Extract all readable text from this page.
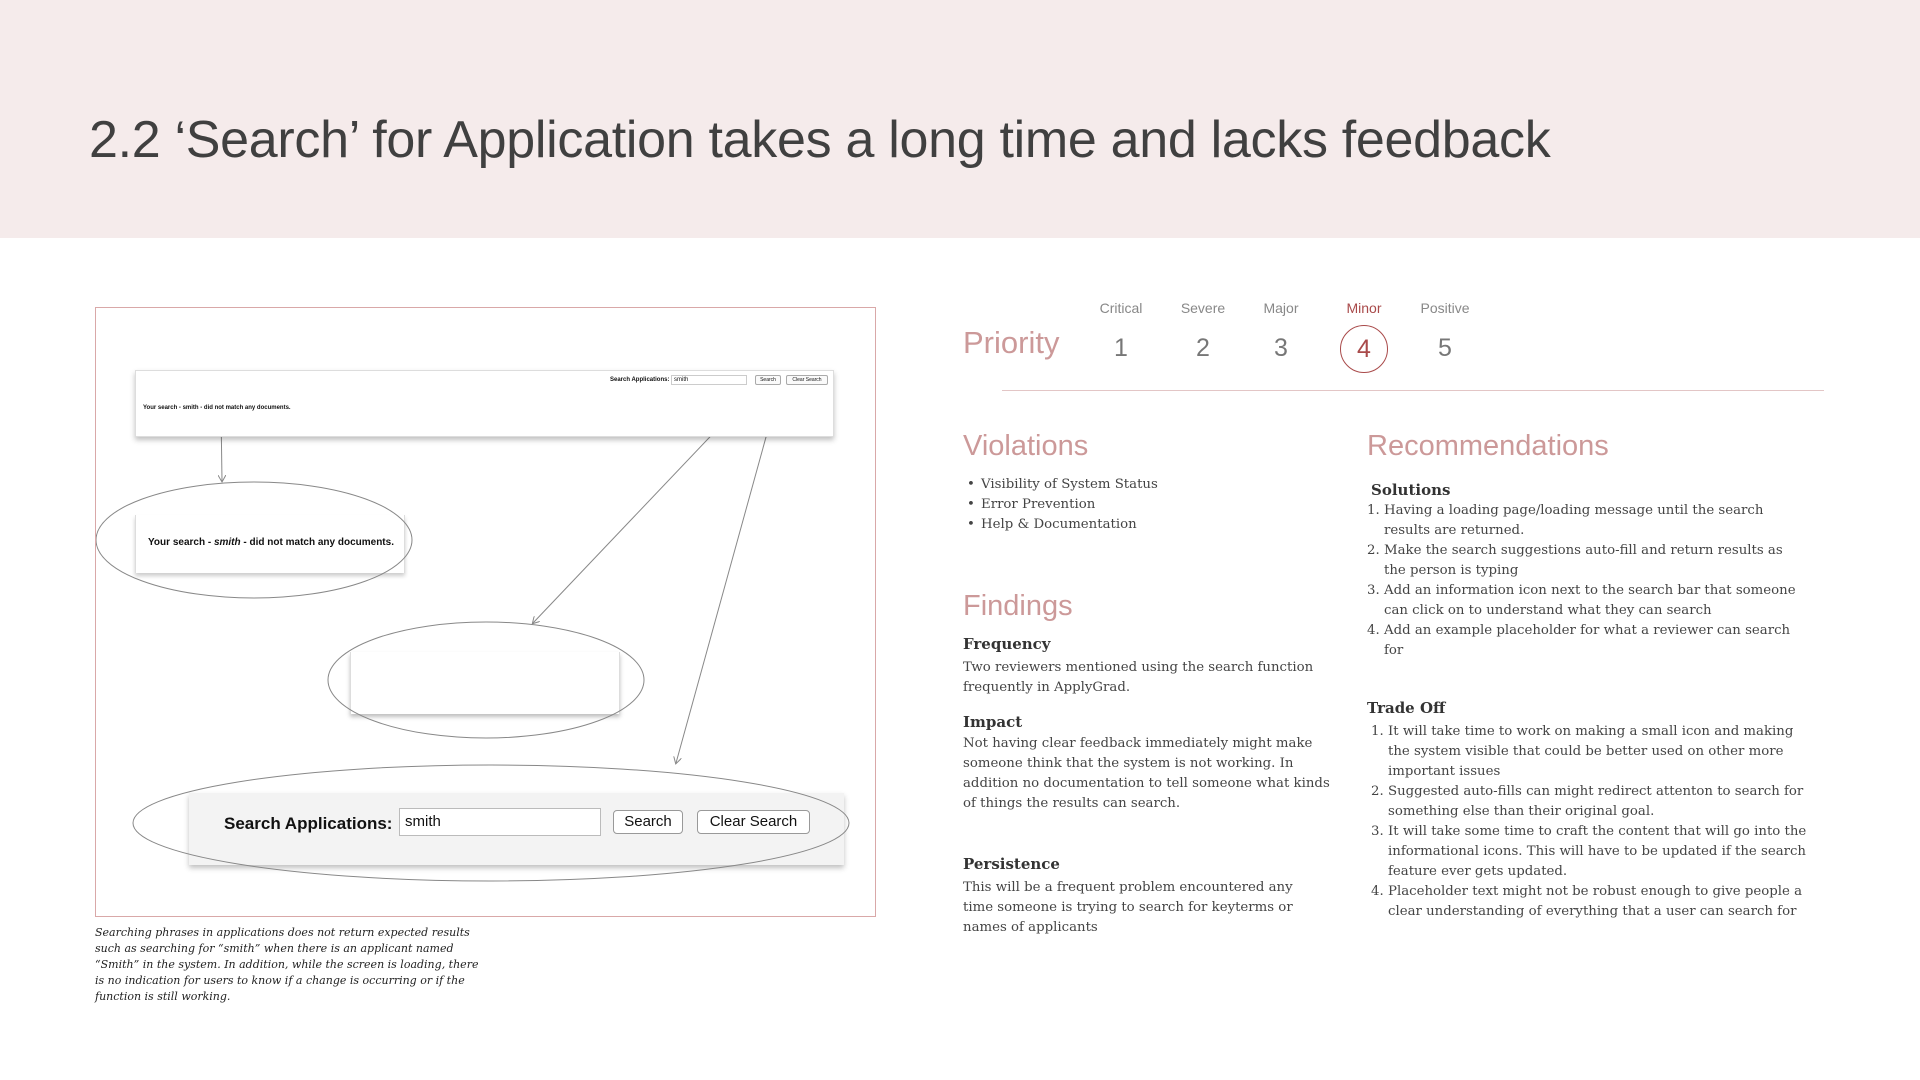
2.2 ‘Search’ for Application takes a long time and lacks feedback
Search Applications: smith	Search	Clear Search
Your search - smith - did not match any documents.
Your search - smith - did not match any documents.
Search Applications: smith	Search	Clear Search

Searching phrases in applications does not return expected results such as searching for “smith” when there is an applicant named “Smith” in the system. In addition, while the screen is loading, there is no indication for users to know if a change is occurring or if the function is still working.

Priority
Critical
1
Severe
2
Major
3
Minor
4
Positive
5
Violations
• Visibility of System Status
• Error Prevention
• Help & Documentation
Findings
Frequency

Two reviewers mentioned using the search function frequently in ApplyGrad.

Impact

Not having clear feedback immediately might make someone think that the system is not working. In addition no documentation to tell someone what kinds of things the results can search.

Persistence

This will be a frequent problem encountered any time someone is trying to search for keyterms or names of applicants

Recommendations
Solutions
1. Having a loading page/loading message until the search results are returned.
2. Make the search suggestions auto-fill and return results as the person is typing
3. Add an information icon next to the search bar that someone can click on to understand what they can search
4. Add an example placeholder for what a reviewer can search for
Trade Off
1. It will take time to work on making a small icon and making the system visible that could be better used on other more important issues
2. Suggested auto-fills can might redirect attenton to search for something else than their original goal.
3. It will take some time to craft the content that will go into the informational icons. This will have to be updated if the search feature ever gets updated.
4. Placeholder text might not be robust enough to give people a clear understanding of everything that a user can search for
